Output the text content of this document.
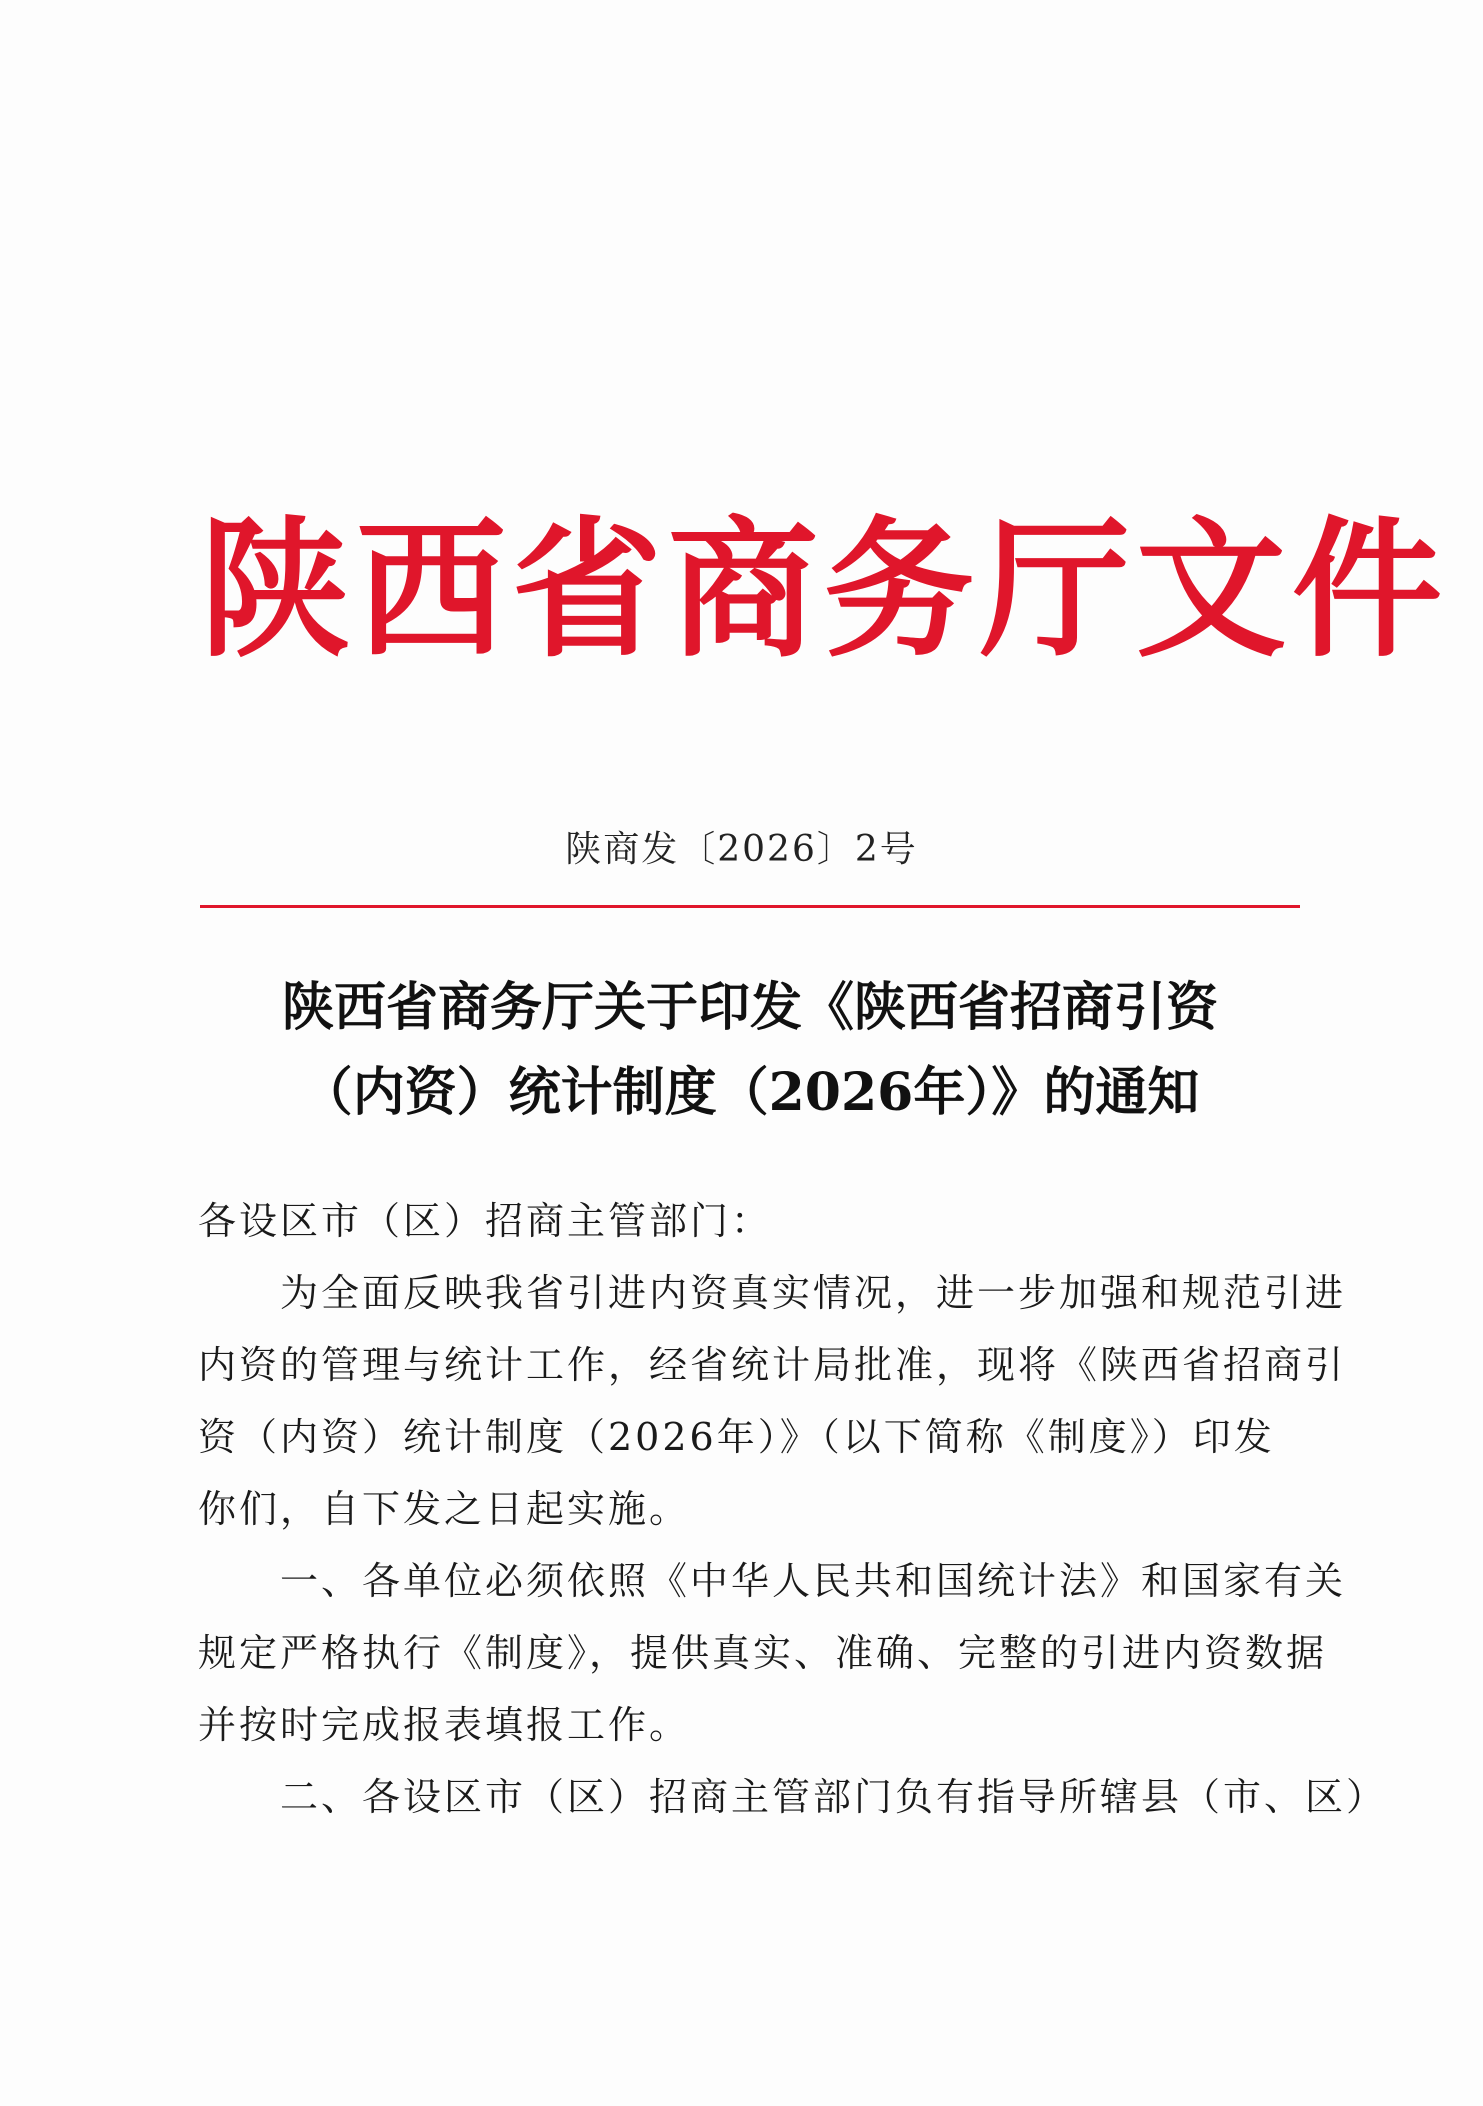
陕西省商务厅文件
陕商发〔2026〕2号
陕西省商务厅关于印发《陕西省招商引资
（内资）统计制度（2026年）》的通知
各设区市（区）招商主管部门：
为全面反映我省引进内资真实情况，进一步加强和规范引进
内资的管理与统计工作，经省统计局批准，现将《陕西省招商引
资（内资）统计制度（2026年）》（以下简称《制度》）印发
你们，自下发之日起实施。
一、各单位必须依照《中华人民共和国统计法》和国家有关
规定严格执行《制度》，提供真实、准确、完整的引进内资数据
并按时完成报表填报工作。
二、各设区市（区）招商主管部门负有指导所辖县（市、区）
